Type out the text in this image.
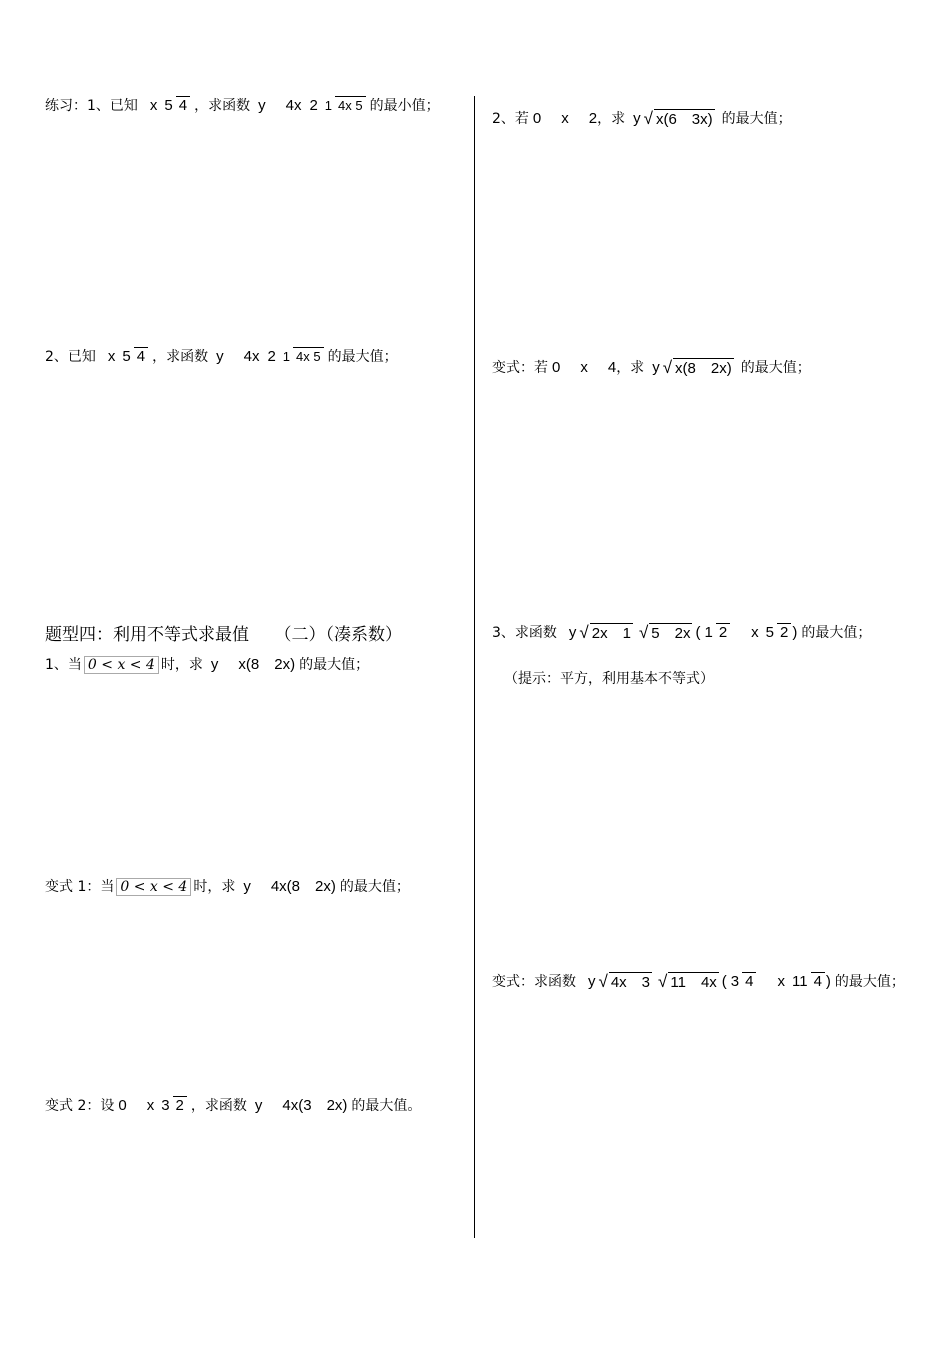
练习：1、已知 x 5 4 ，求函数 y 4x 2 1 4x 5 的最小值；
2、已知 x 5 4 ，求函数 y 4x 2 1 4x 5 的最大值；
题型四：利用不等式求最值　　（二）（凑系数）
1、当 0 < x < 4 时，求 y x(8　2x) 的最大值；
变式 1：当 0 < x < 4 时，求 y 4x(8　2x) 的最大值；
变式 2：设 0 x 3 2 ，求函数 y 4x(3　2x) 的最大值。
2、若 0 x 2 ，求 y √ x(6　3x) 的最大值；
变式：若 0 x 4 ，求 y √ x(8　2x) 的最大值；
3、求函数 y √ 2x　1 √ 5　2x ( 1 2 x 5 2 ) 的最大值；
（提示：平方，利用基本不等式）
变式：求函数 y √ 4x　3 √ 11　4x ( 3 4 x 11 4 ) 的最大值；
